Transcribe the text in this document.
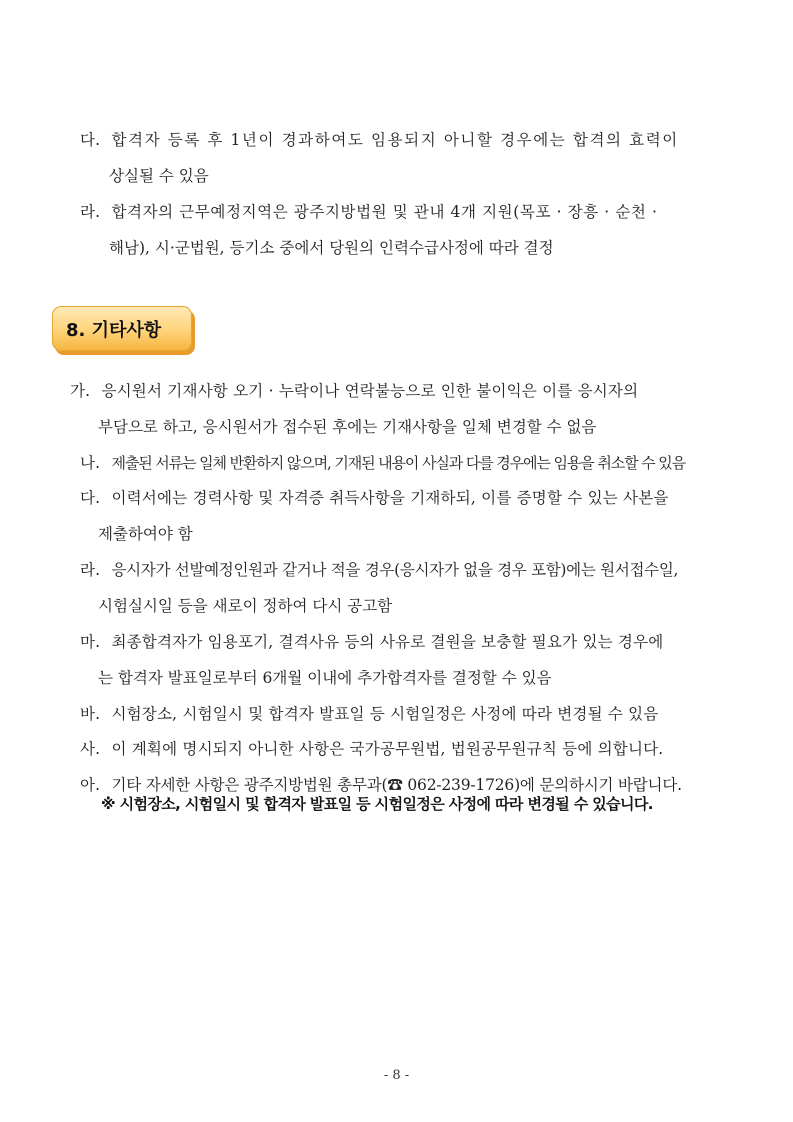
다. 합격자 등록 후 1년이 경과하여도 임용되지 아니할 경우에는 합격의 효력이

상실될 수 있음

라. 합격자의 근무예정지역은 광주지방법원 및 관내 4개 지원(목포 · 장흥 · 순천 ·

해남), 시·군법원, 등기소 중에서 당원의 인력수급사정에 따라 결정

8. 기타사항

가. 응시원서 기재사항 오기 · 누락이나 연락불능으로 인한 불이익은 이를 응시자의

부담으로 하고, 응시원서가 접수된 후에는 기재사항을 일체 변경할 수 없음

나. 제출된 서류는 일체 반환하지 않으며, 기재된 내용이 사실과 다를 경우에는 임용을 취소할 수 있음

다. 이력서에는 경력사항 및 자격증 취득사항을 기재하되, 이를 증명할 수 있는 사본을

제출하여야 함

라. 응시자가 선발예정인원과 같거나 적을 경우(응시자가 없을 경우 포함)에는 원서접수일,

시험실시일 등을 새로이 정하여 다시 공고함

마. 최종합격자가 임용포기, 결격사유 등의 사유로 결원을 보충할 필요가 있는 경우에

는 합격자 발표일로부터 6개월 이내에 추가합격자를 결정할 수 있음

바. 시험장소, 시험일시 및 합격자 발표일 등 시험일정은 사정에 따라 변경될 수 있음

사. 이 계획에 명시되지 아니한 사항은 국가공무원법, 법원공무원규칙 등에 의합니다.

아. 기타 자세한 사항은 광주지방법원 총무과(☎ 062-239-1726)에 문의하시기 바랍니다.

※ 시험장소, 시험일시 및 합격자 발표일 등 시험일정은 사정에 따라 변경될 수 있습니다.

- 8 -
